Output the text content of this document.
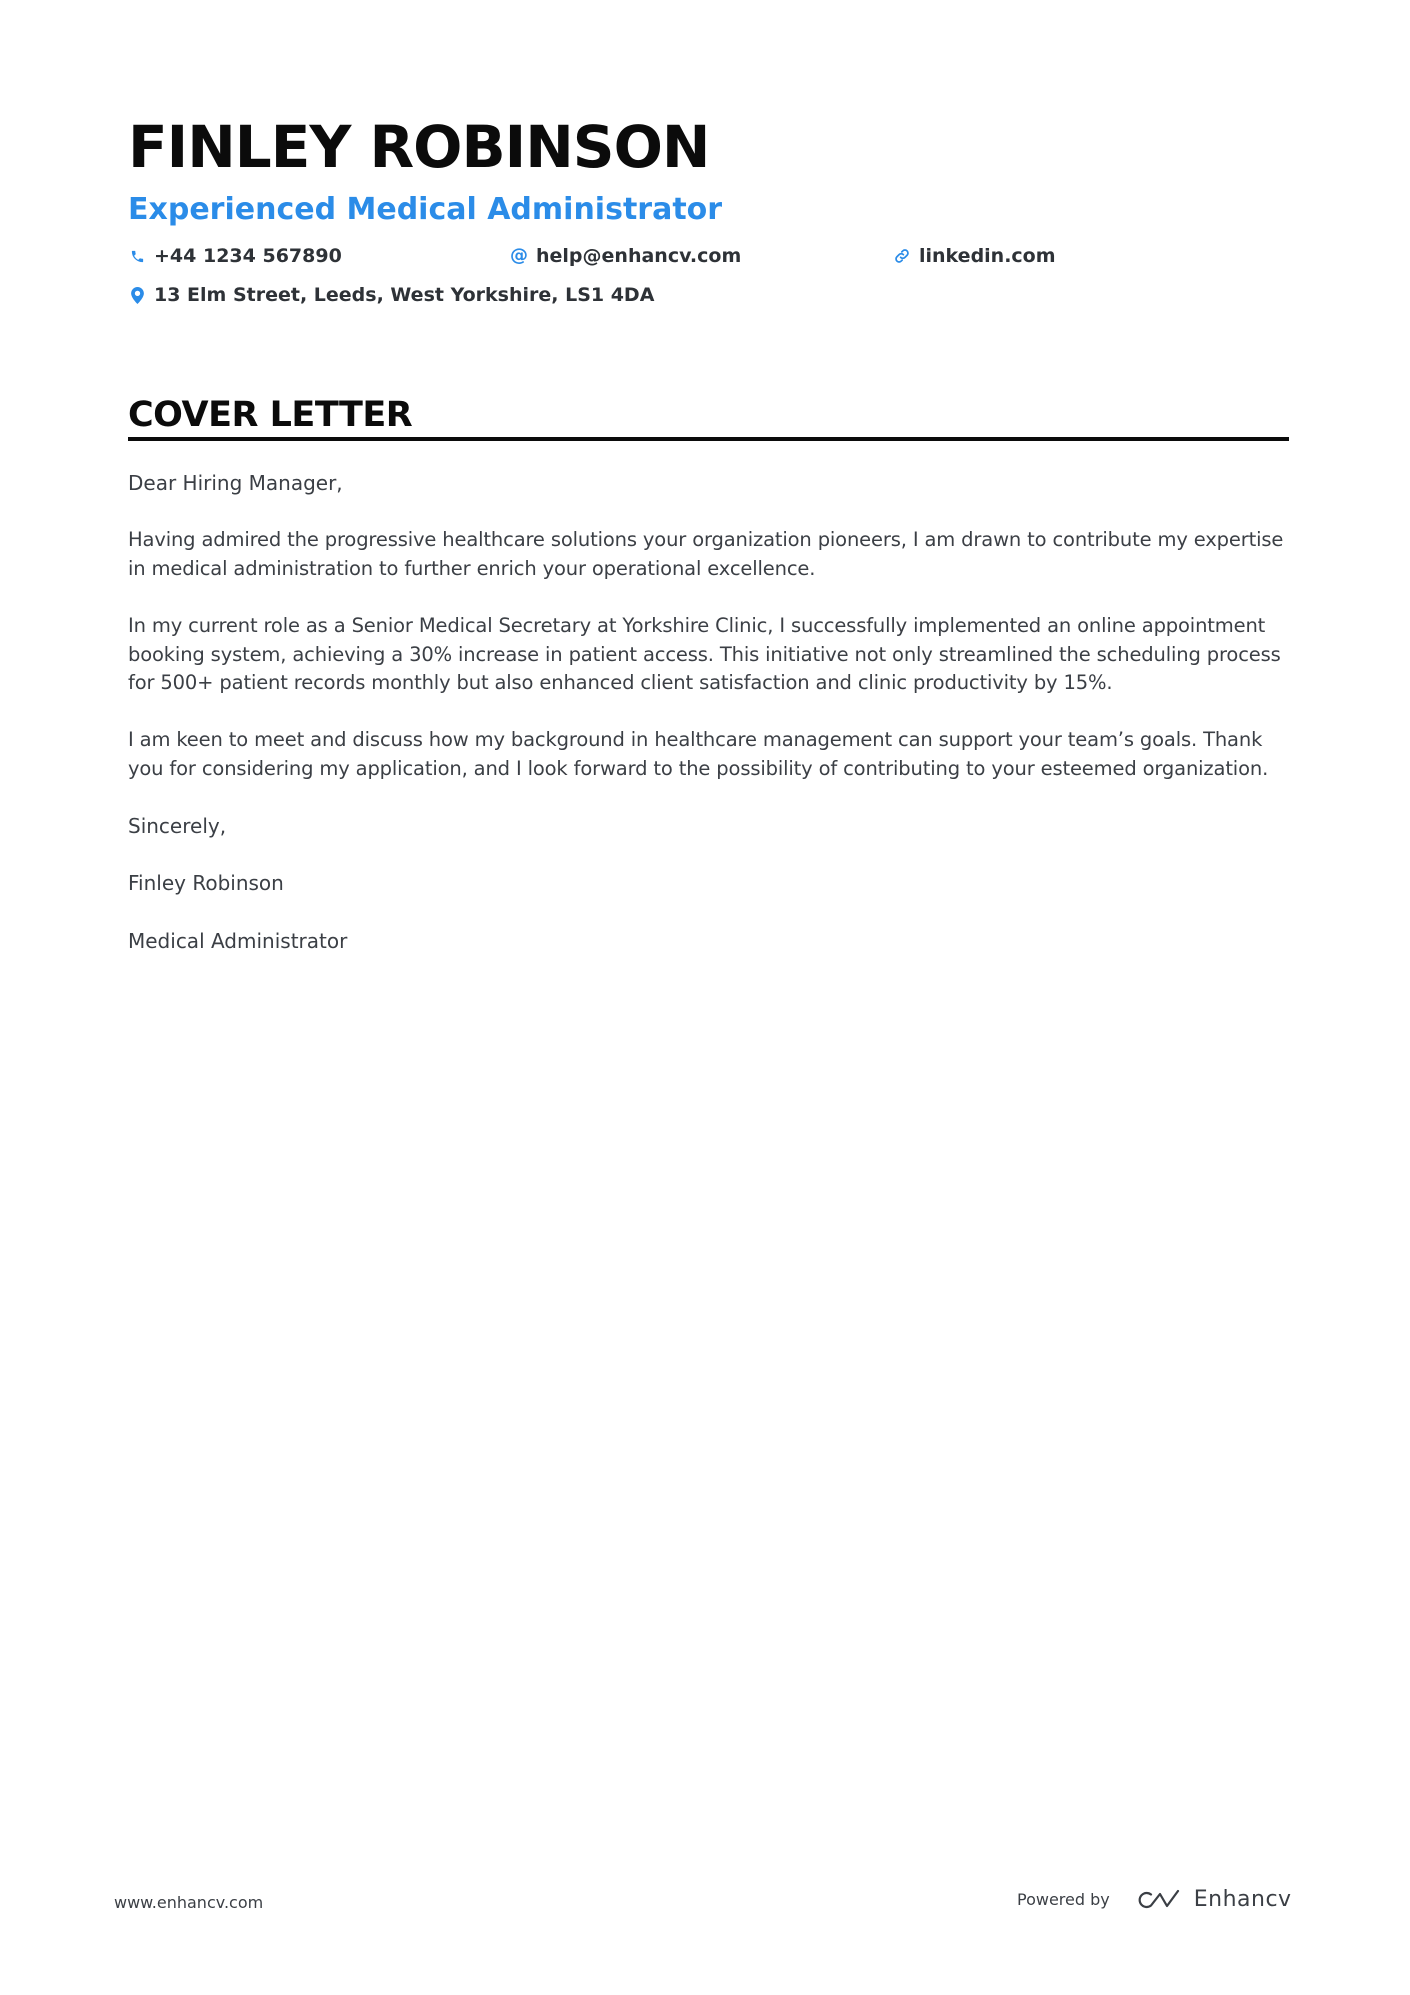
FINLEY ROBINSON
Experienced Medical Administrator
+44 1234 567890	@ help@enhancv.com	linkedin.com
13 Elm Street, Leeds, West Yorkshire, LS1 4DA
COVER LETTER

Dear Hiring Manager,

Having admired the progressive healthcare solutions your organization pioneers, I am drawn to contribute my expertise in medical administration to further enrich your operational excellence.

In my current role as a Senior Medical Secretary at Yorkshire Clinic, I successfully implemented an online appointment booking system, achieving a 30% increase in patient access. This initiative not only streamlined the scheduling process for 500+ patient records monthly but also enhanced client satisfaction and clinic productivity by 15%.

I am keen to meet and discuss how my background in healthcare management can support your team’s goals. Thank you for considering my application, and I look forward to the possibility of contributing to your esteemed organization.

Sincerely,

Finley Robinson

Medical Administrator

www.enhancv.com	Powered by	Enhancv
